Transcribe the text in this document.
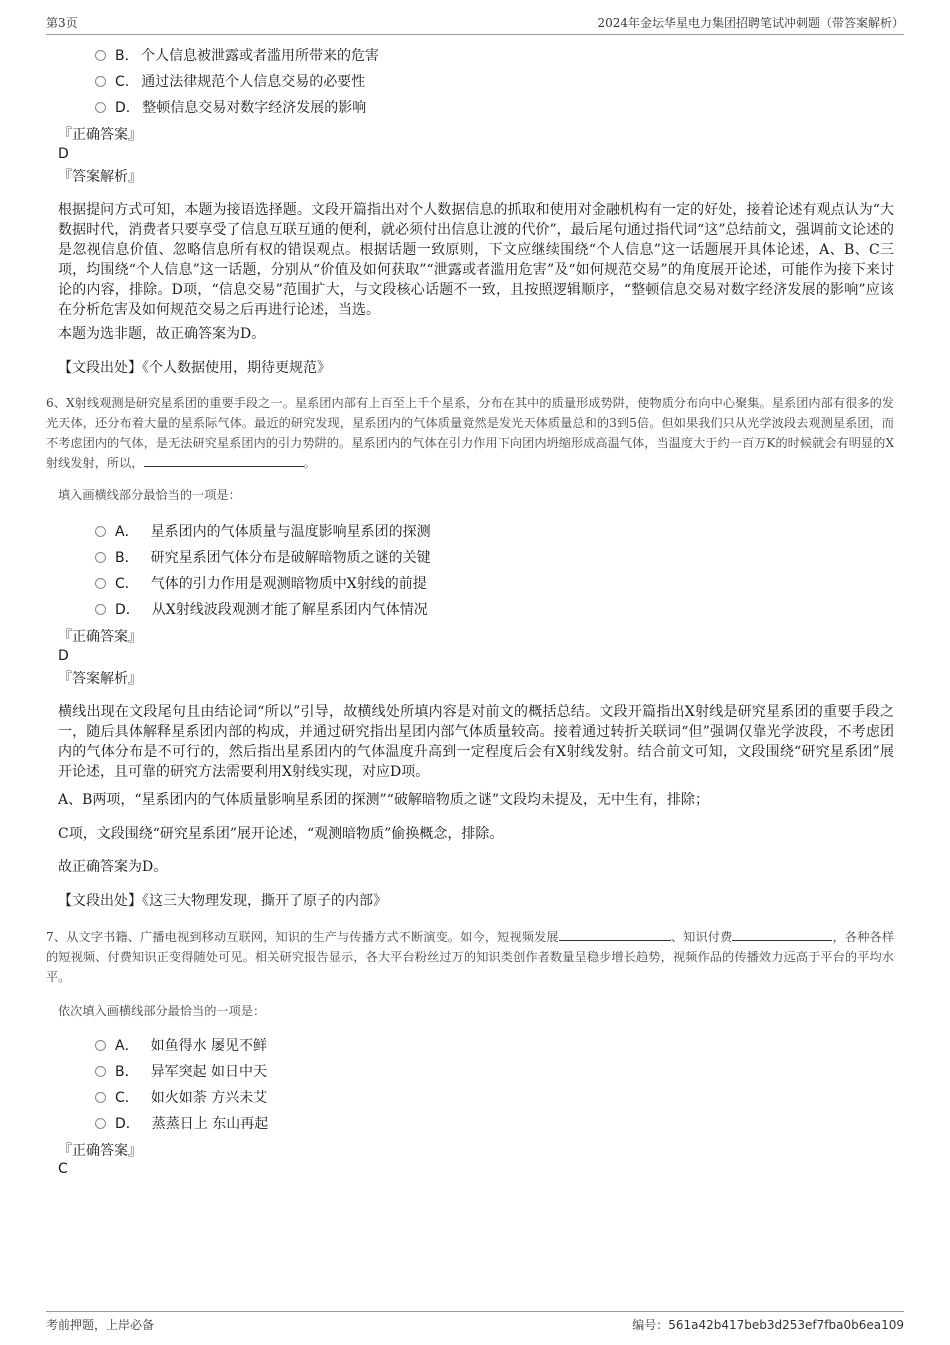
第3页	2024年金坛华星电力集团招聘笔试冲刺题（带答案解析）
B. 个人信息被泄露或者滥用所带来的危害
C. 通过法律规范个人信息交易的必要性
D. 整顿信息交易对数字经济发展的影响
『正确答案』
D
『答案解析』
根据提问方式可知，本题为接语选择题。文段开篇指出对个人数据信息的抓取和使用对金融机构有一定的好处，接着论述有观点认为“大数据时代，消费者只要享受了信息互联互通的便利，就必须付出信息让渡的代价”，最后尾句通过指代词“这”总结前文，强调前文论述的是忽视信息价值、忽略信息所有权的错误观点。根据话题一致原则，下文应继续围绕“个人信息”这一话题展开具体论述，A、B、C三项，均围绕“个人信息”这一话题，分别从“价值及如何获取”“泄露或者滥用危害”及“如何规范交易”的角度展开论述，可能作为接下来讨论的内容，排除。D项，“信息交易”范围扩大，与文段核心话题不一致，且按照逻辑顺序，“整顿信息交易对数字经济发展的影响”应该在分析危害及如何规范交易之后再进行论述，当选。
本题为选非题，故正确答案为D。
【文段出处】《个人数据使用，期待更规范》
6、X射线观测是研究星系团的重要手段之一。星系团内部有上百至上千个星系，分布在其中的质量形成势阱，使物质分布向中心聚集。星系团内部有很多的发光天体，还分布着大量的星系际气体。最近的研究发现，星系团内的气体质量竟然是发光天体质量总和的3到5倍。但如果我们只从光学波段去观测星系团，而不考虑团内的气体，是无法研究星系团内的引力势阱的。星系团内的气体在引力作用下向团内坍缩形成高温气体，当温度大于约一百万K的时候就会有明显的X射线发射，所以，	。
填入画横线部分最恰当的一项是：
A． 星系团内的气体质量与温度影响星系团的探测
B． 研究星系团气体分布是破解暗物质之谜的关键
C． 气体的引力作用是观测暗物质中X射线的前提
D． 从X射线波段观测才能了解星系团内气体情况
『正确答案』
D
『答案解析』
横线出现在文段尾句且由结论词“所以”引导，故横线处所填内容是对前文的概括总结。文段开篇指出X射线是研究星系团的重要手段之一，随后具体解释星系团内部的构成，并通过研究指出星团内部气体质量较高。接着通过转折关联词“但”强调仅靠光学波段，不考虑团内的气体分布是不可行的，然后指出星系团内的气体温度升高到一定程度后会有X射线发射。结合前文可知，文段围绕“研究星系团”展开论述，且可靠的研究方法需要利用X射线实现，对应D项。
A、B两项，“星系团内的气体质量影响星系团的探测”“破解暗物质之谜”文段均未提及，无中生有，排除；
C项，文段围绕“研究星系团”展开论述，“观测暗物质”偷换概念，排除。
故正确答案为D。
【文段出处】《这三大物理发现，撕开了原子的内部》
7、从文字书籍、广播电视到移动互联网，知识的生产与传播方式不断演变。如今，短视频发展	、知识付费	，各种各样的短视频、付费知识正变得随处可见。相关研究报告显示，各大平台粉丝过万的知识类创作者数量呈稳步增长趋势，视频作品的传播效力远高于平台的平均水平。
依次填入画横线部分最恰当的一项是：
A． 如鱼得水 屡见不鲜
B． 异军突起 如日中天
C． 如火如荼 方兴未艾
D． 蒸蒸日上 东山再起
『正确答案』
C
考前押题，上岸必备	编号：561a42b417beb3d253ef7fba0b6ea109
